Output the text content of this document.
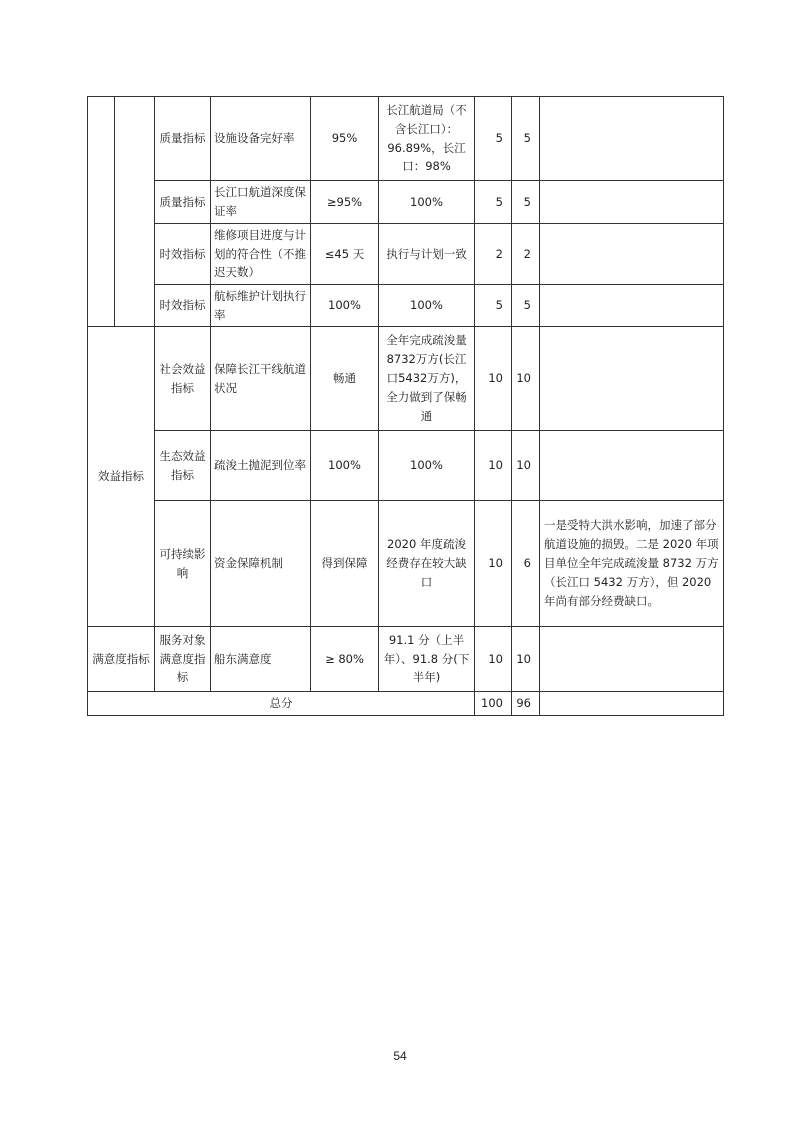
		质量指标	设施设备完好率	95%	长江航道局（不含长江口）：96.89%，长江口：98%	5	5	
		质量指标	长江口航道深度保证率	≥95%	100%	5	5	
		时效指标	维修项目进度与计划的符合性（不推迟天数）	≤45 天	执行与计划一致	2	2	
		时效指标	航标维护计划执行率	100%	100%	5	5	
效益指标		社会效益指标	保障长江干线航道状况	畅通	全年完成疏浚量8732万方(长江口5432万方)，全力做到了保畅通	10	10	
		生态效益指标	疏浚土抛泥到位率	100%	100%	10	10	
		可持续影响	资金保障机制	得到保障	2020 年度疏浚经费存在较大缺口	10	6	一是受特大洪水影响，加速了部分航道设施的损毁。二是 2020 年项目单位全年完成疏浚量 8732 万方（长江口 5432 万方），但 2020 年尚有部分经费缺口。
满意度指标		服务对象满意度指标	船东满意度	≥ 80%	91.1 分（上半年）、91.8 分(下半年)	10	10	
总分						100	96	
54
